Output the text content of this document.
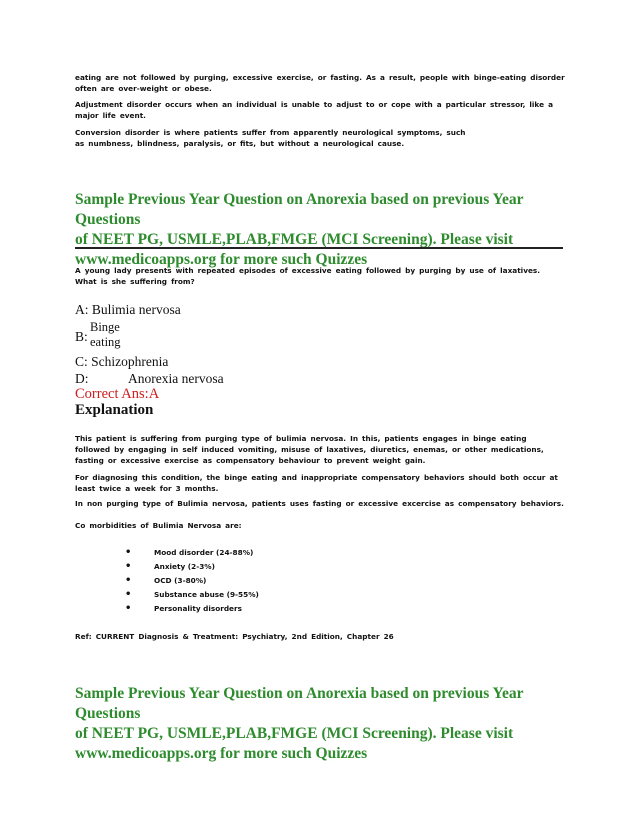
eating are not followed by purging, excessive exercise, or fasting. As a result, people with binge-eating disorder often are over-weight or obese.
Adjustment disorder occurs when an individual is unable to adjust to or cope with a particular stressor, like a major life event.
Conversion disorder is where patients suffer from apparently neurological symptoms, such
as numbness, blindness, paralysis, or fits, but without a neurological cause.
Sample Previous Year Question on Anorexia based on previous Year Questions
of NEET PG, USMLE,PLAB,FMGE (MCI Screening). Please visit
www.medicoapps.org for more such Quizzes
A young lady presents with repeated episodes of excessive eating followed by purging by use of laxatives. What is she suffering from?
A: Bulimia nervosa
B:
Binge
eating
C: Schizophrenia
D:	Anorexia nervosa
Correct Ans:A
Explanation
This patient is suffering from purging type of bulimia nervosa. In this, patients engages in binge eating followed by engaging in self induced vomiting, misuse of laxatives, diuretics, enemas, or other medications, fasting or excessive exercise as compensatory behaviour to prevent weight gain.
For diagnosing this condition, the binge eating and inappropriate compensatory behaviors should both occur at least twice a week for 3 months.
In non purging type of Bulimia nervosa, patients uses fasting or excessive excercise as compensatory behaviors.
Co morbidities of Bulimia Nervosa are:
•	Mood disorder (24-88%)
•	Anxiety (2-3%)
•	OCD (3-80%)
•	Substance abuse (9-55%)
•	Personality disorders
Ref: CURRENT Diagnosis & Treatment: Psychiatry, 2nd Edition, Chapter 26
Sample Previous Year Question on Anorexia based on previous Year Questions
of NEET PG, USMLE,PLAB,FMGE (MCI Screening). Please visit
www.medicoapps.org for more such Quizzes
